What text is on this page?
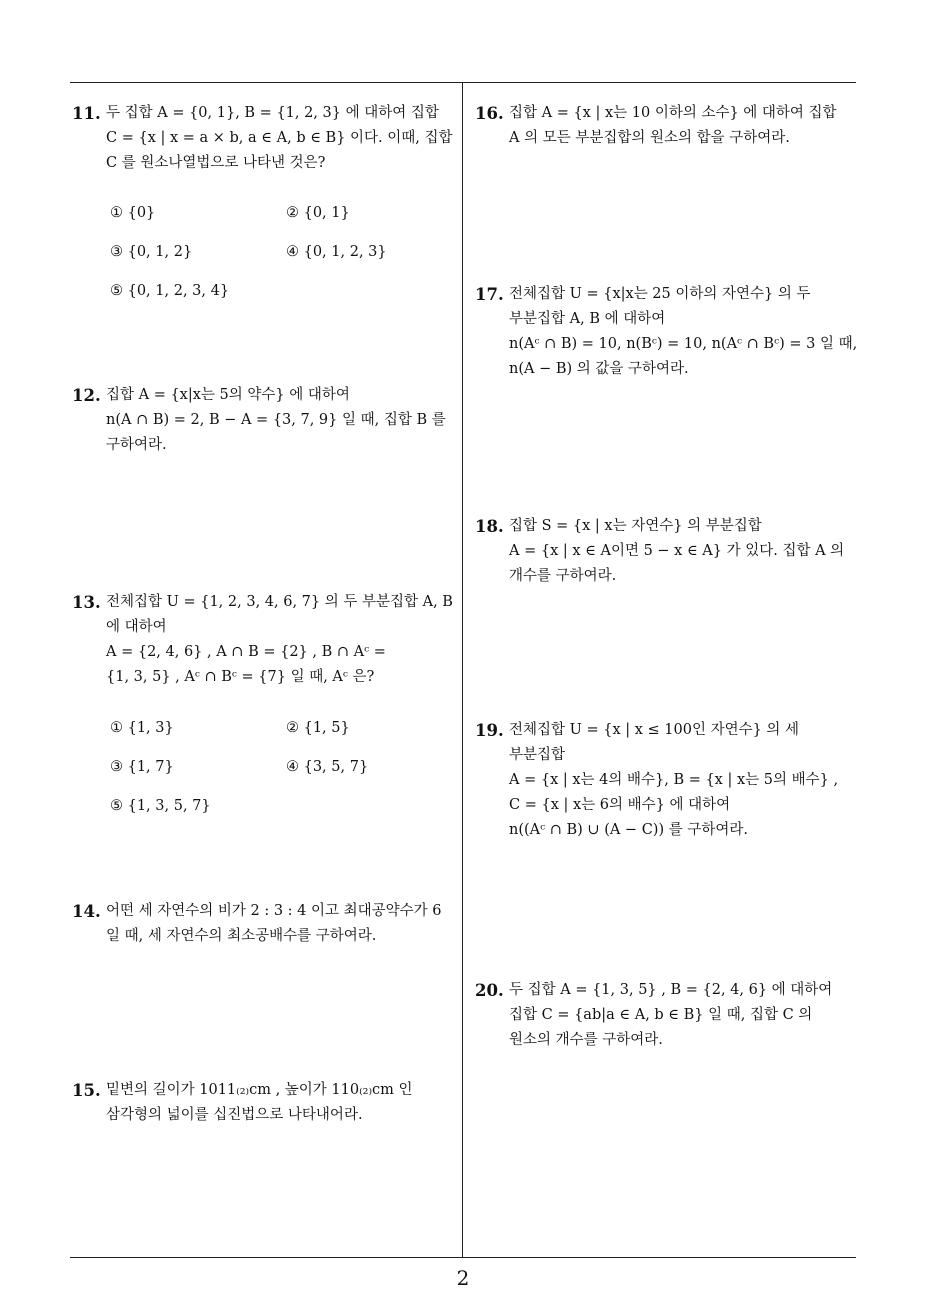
11. 두 집합 A = {0, 1}, B = {1, 2, 3} 에 대하여 집합
C = {x | x = a × b, a ∈ A, b ∈ B} 이다. 이때, 집합
C 를 원소나열법으로 나타낸 것은?
① {0}	② {0, 1}
③ {0, 1, 2}	④ {0, 1, 2, 3}
⑤ {0, 1, 2, 3, 4}
12. 집합 A = {x|x는 5의 약수} 에 대하여
n(A ∩ B) = 2, B − A = {3, 7, 9} 일 때, 집합 B 를
구하여라.
13. 전체집합 U = {1, 2, 3, 4, 6, 7} 의 두 부분집합 A, B
에 대하여
A = {2, 4, 6} , A ∩ B = {2} , B ∩ Aᶜ =
{1, 3, 5} , Aᶜ ∩ Bᶜ = {7} 일 때, Aᶜ 은?
① {1, 3}	② {1, 5}
③ {1, 7}	④ {3, 5, 7}
⑤ {1, 3, 5, 7}
14. 어떤 세 자연수의 비가 2 : 3 : 4 이고 최대공약수가 6
일 때, 세 자연수의 최소공배수를 구하여라.
15. 밑변의 길이가 1011₍₂₎cm , 높이가 110₍₂₎cm 인
삼각형의 넓이를 십진법으로 나타내어라.
16. 집합 A = {x | x는 10 이하의 소수} 에 대하여 집합
A 의 모든 부분집합의 원소의 합을 구하여라.
17. 전체집합 U = {x|x는 25 이하의 자연수} 의 두
부분집합 A, B 에 대하여
n(Aᶜ ∩ B) = 10, n(Bᶜ) = 10, n(Aᶜ ∩ Bᶜ) = 3 일 때,
n(A − B) 의 값을 구하여라.
18. 집합 S = {x | x는 자연수} 의 부분집합
A = {x | x ∈ A이면 5 − x ∈ A} 가 있다. 집합 A 의
개수를 구하여라.
19. 전체집합 U = {x | x ≤ 100인 자연수} 의 세
부분집합
A = {x | x는 4의 배수}, B = {x | x는 5의 배수} ,
C = {x | x는 6의 배수} 에 대하여
n((Aᶜ ∩ B) ∪ (A − C)) 를 구하여라.
20. 두 집합 A = {1, 3, 5} , B = {2, 4, 6} 에 대하여
집합 C = {ab|a ∈ A, b ∈ B} 일 때, 집합 C 의
원소의 개수를 구하여라.
2
